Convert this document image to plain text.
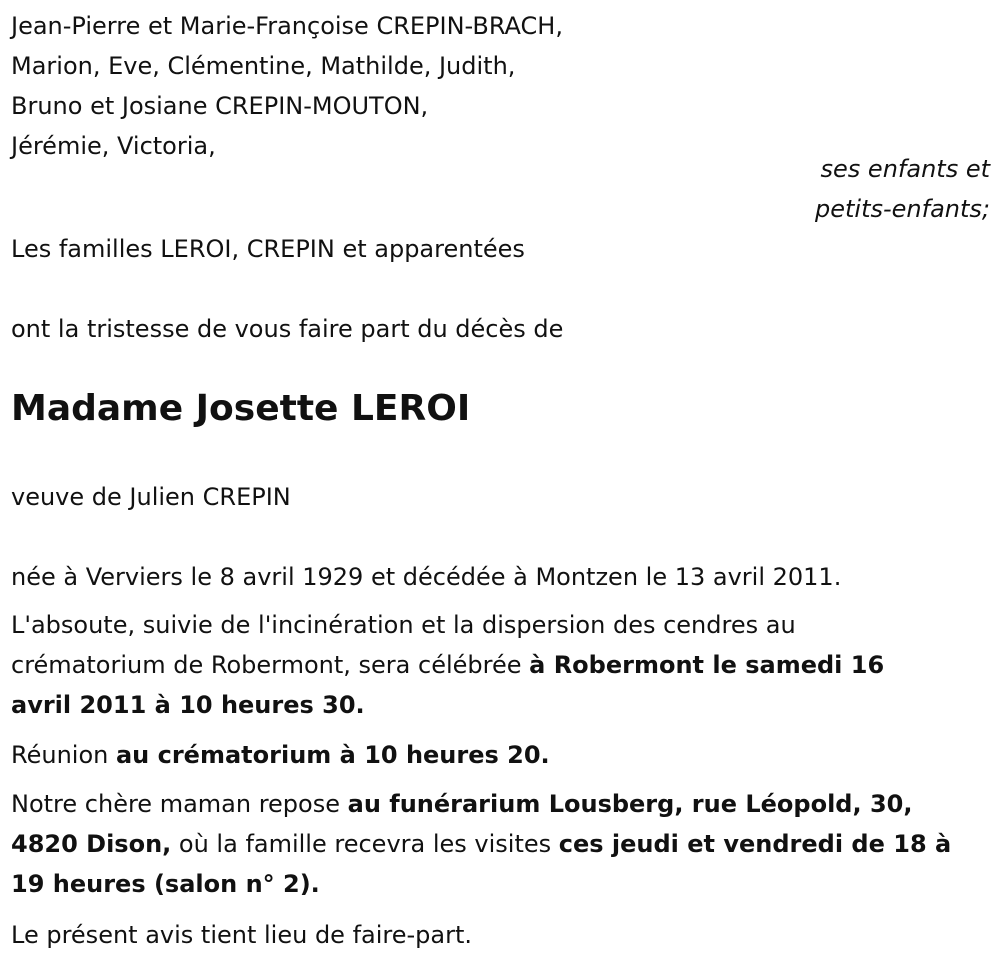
Jean-Pierre et Marie-Françoise CREPIN-BRACH,
Marion, Eve, Clémentine, Mathilde, Judith,
Bruno et Josiane CREPIN-MOUTON,
Jérémie, Victoria,
ses enfants et
petits-enfants;
Les familles LEROI, CREPIN et apparentées
ont la tristesse de vous faire part du décès de
Madame Josette LEROI
veuve de Julien CREPIN
née à Verviers le 8 avril 1929 et décédée à Montzen le 13 avril 2011.
L'absoute, suivie de l'incinération et la dispersion des cendres au
crématorium de Robermont, sera célébrée à Robermont le samedi 16
avril 2011 à 10 heures 30.
Réunion au crématorium à 10 heures 20.
Notre chère maman repose au funérarium Lousberg, rue Léopold, 30,
4820 Dison, où la famille recevra les visites ces jeudi et vendredi de 18 à
19 heures (salon n° 2).
Le présent avis tient lieu de faire-part.
